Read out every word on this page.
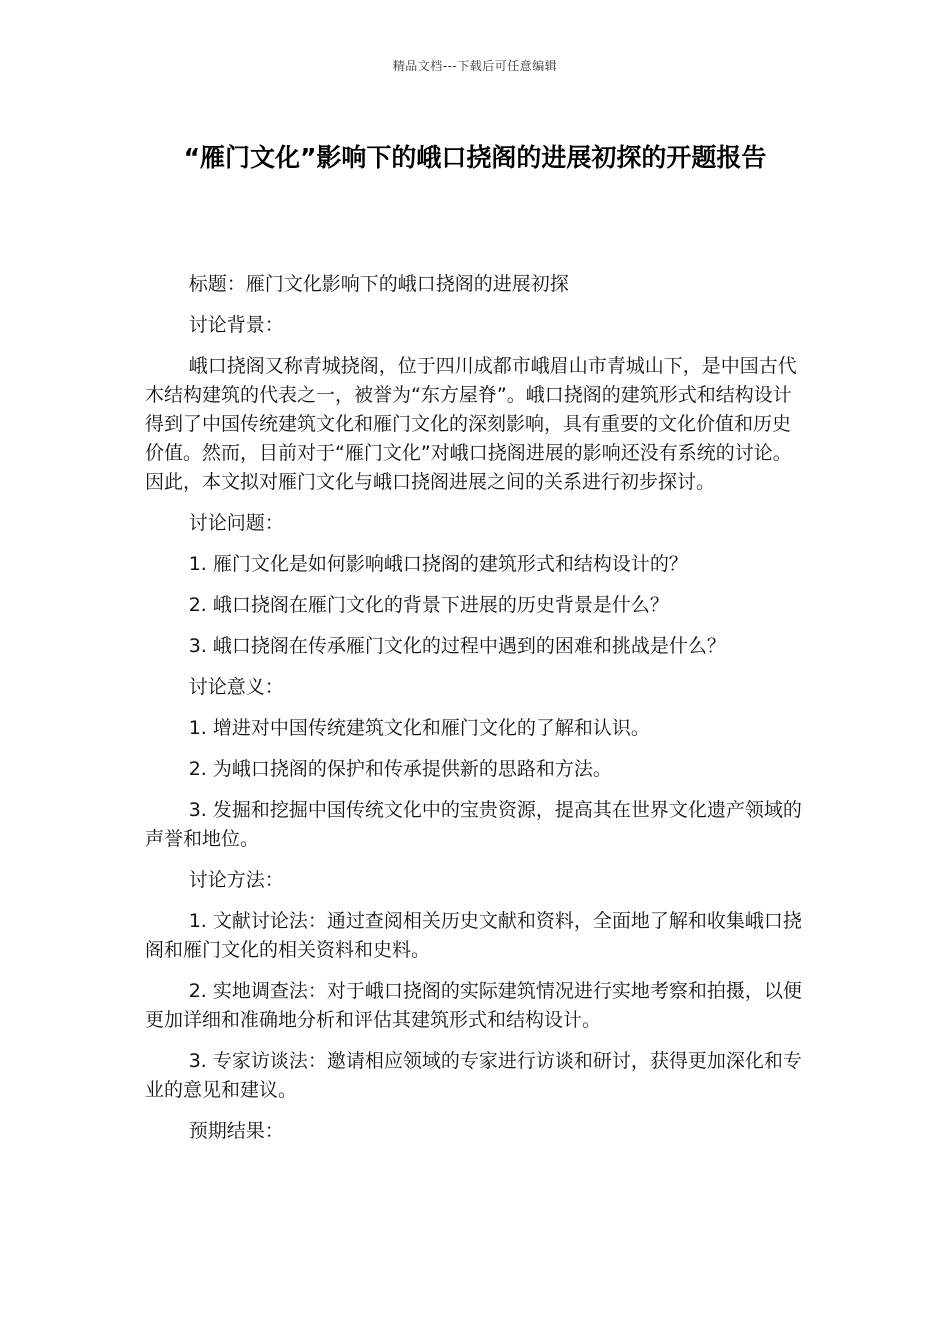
精品文档---下载后可任意编辑
“雁门文化”影响下的峨口挠阁的进展初探的开题报告

标题：雁门文化影响下的峨口挠阁的进展初探

讨论背景：

峨口挠阁又称青城挠阁，位于四川成都市峨眉山市青城山下，是中国古代木结构建筑的代表之一，被誉为“东方屋脊”。峨口挠阁的建筑形式和结构设计得到了中国传统建筑文化和雁门文化的深刻影响，具有重要的文化价值和历史价值。然而，目前对于“雁门文化”对峨口挠阁进展的影响还没有系统的讨论。因此，本文拟对雁门文化与峨口挠阁进展之间的关系进行初步探讨。

讨论问题：

1. 雁门文化是如何影响峨口挠阁的建筑形式和结构设计的？

2. 峨口挠阁在雁门文化的背景下进展的历史背景是什么？

3. 峨口挠阁在传承雁门文化的过程中遇到的困难和挑战是什么？

讨论意义：

1. 增进对中国传统建筑文化和雁门文化的了解和认识。

2. 为峨口挠阁的保护和传承提供新的思路和方法。

3. 发掘和挖掘中国传统文化中的宝贵资源，提高其在世界文化遗产领域的声誉和地位。

讨论方法：

1. 文献讨论法：通过查阅相关历史文献和资料，全面地了解和收集峨口挠阁和雁门文化的相关资料和史料。

2. 实地调查法：对于峨口挠阁的实际建筑情况进行实地考察和拍摄，以便更加详细和准确地分析和评估其建筑形式和结构设计。

3. 专家访谈法：邀请相应领域的专家进行访谈和研讨，获得更加深化和专业的意见和建议。

预期结果：
